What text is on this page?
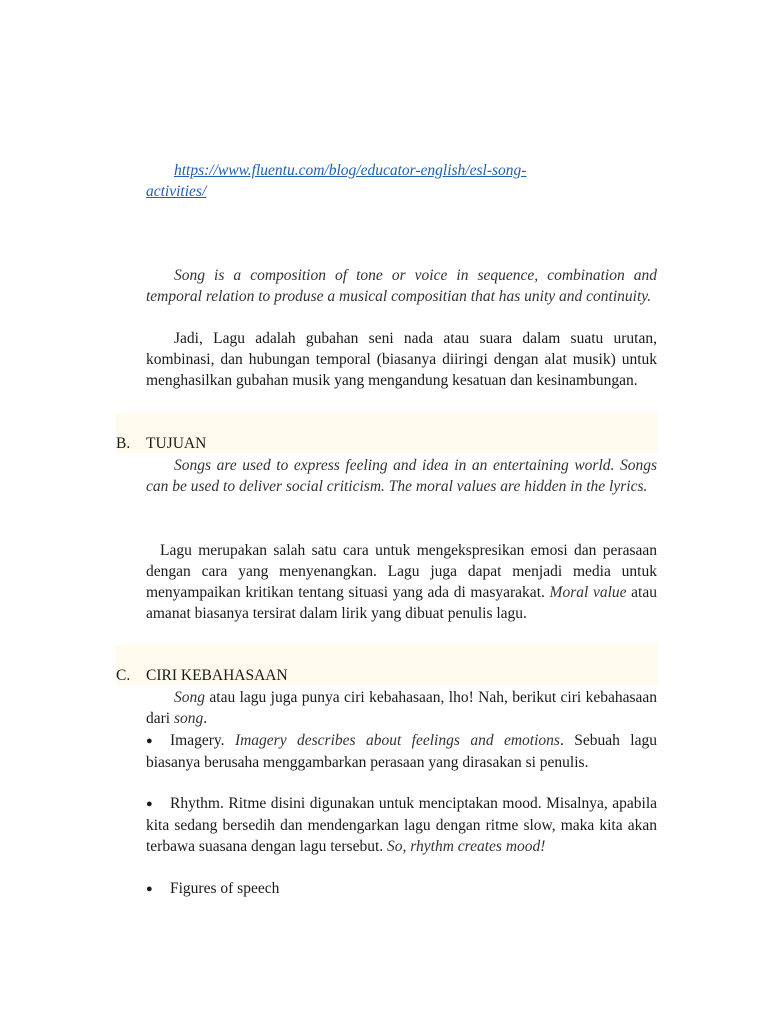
https://www.fluentu.com/blog/educator-english/esl-song-
activities/

Song is a composition of tone or voice in sequence, combination and temporal relation to produse a musical compositian that has unity and continuity.

Jadi, Lagu adalah gubahan seni nada atau suara dalam suatu urutan, kombinasi, dan hubungan temporal (biasanya diiringi dengan alat musik) untuk menghasilkan gubahan musik yang mengandung kesatuan dan kesinambungan.

B. TUJUAN

Songs are used to express feeling and idea in an entertaining world. Songs can be used to deliver social criticism. The moral values are hidden in the lyrics.

Lagu merupakan salah satu cara untuk mengekspresikan emosi dan perasaan dengan cara yang menyenangkan. Lagu juga dapat menjadi media untuk menyampaikan kritikan tentang situasi yang ada di masyarakat. Moral value atau amanat biasanya tersirat dalam lirik yang dibuat penulis lagu.

C. CIRI KEBAHASAAN

Song atau lagu juga punya ciri kebahasaan, lho! Nah, berikut ciri kebahasaan dari song.

● Imagery. Imagery describes about feelings and emotions. Sebuah lagu biasanya berusaha menggambarkan perasaan yang dirasakan si penulis.

● Rhythm. Ritme disini digunakan untuk menciptakan mood. Misalnya, apabila kita sedang bersedih dan mendengarkan lagu dengan ritme slow, maka kita akan terbawa suasana dengan lagu tersebut. So, rhythm creates mood!

● Figures of speech
